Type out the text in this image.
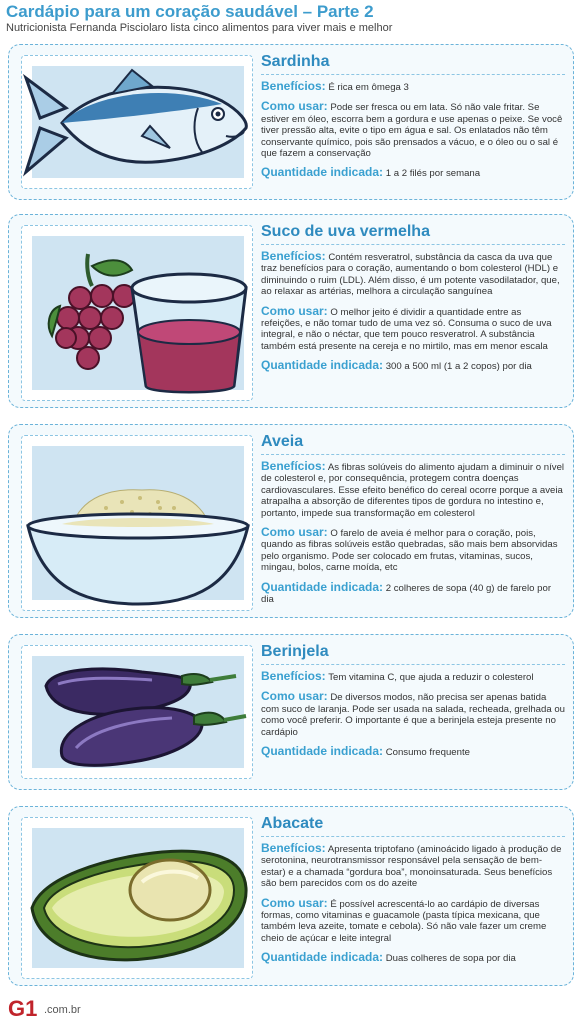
Cardápio para um coração saudável – Parte 2
Nutricionista Fernanda Pisciolaro lista cinco alimentos para viver mais e melhor
Sardinha

Benefícios: É rica em ômega 3

Como usar: Pode ser fresca ou em lata. Só não vale fritar. Se estiver em óleo, escorra bem a gordura e use apenas o peixe. Se você tiver pressão alta, evite o tipo em água e sal. Os enlatados não têm conservante químico, pois são prensados a vácuo, e o óleo ou o sal é que fazem a conservação

Quantidade indicada: 1 a 2 filés por semana

Suco de uva vermelha

Benefícios: Contém resveratrol, substância da casca da uva que traz benefícios para o coração, aumentando o bom colesterol (HDL) e diminuindo o ruim (LDL). Além disso, é um potente vasodilatador, que, ao relaxar as artérias, melhora a circulação sanguínea

Como usar: O melhor jeito é dividir a quantidade entre as refeições, e não tomar tudo de uma vez só. Consuma o suco de uva integral, e não o néctar, que tem pouco resveratrol. A substância também está presente na cereja e no mirtilo, mas em menor escala

Quantidade indicada: 300 a 500 ml (1 a 2 copos) por dia

Aveia

Benefícios: As fibras solúveis do alimento ajudam a diminuir o nível de colesterol e, por consequência, protegem contra doenças cardiovasculares. Esse efeito benéfico do cereal ocorre porque a aveia atrapalha a absorção de diferentes tipos de gordura no intestino e, portanto, impede sua transformação em colesterol

Como usar: O farelo de aveia é melhor para o coração, pois, quando as fibras solúveis estão quebradas, são mais bem absorvidas pelo organismo. Pode ser colocado em frutas, vitaminas, sucos, mingau, bolos, carne moída, etc

Quantidade indicada: 2 colheres de sopa (40 g) de farelo por dia

Berinjela

Benefícios: Tem vitamina C, que ajuda a reduzir o colesterol

Como usar: De diversos modos, não precisa ser apenas batida com suco de laranja. Pode ser usada na salada, recheada, grelhada ou como você preferir. O importante é que a berinjela esteja presente no cardápio

Quantidade indicada: Consumo frequente

Abacate

Benefícios: Apresenta triptofano (aminoácido ligado à produção de serotonina, neurotransmissor responsável pela sensação de bem-estar) e a chamada “gordura boa”, monoinsaturada. Seus benefícios são bem parecidos com os do azeite

Como usar: É possível acrescentá-lo ao cardápio de diversas formas, como vitaminas e guacamole (pasta típica mexicana, que também leva azeite, tomate e cebola). Só não vale fazer um creme cheio de açúcar e leite integral

Quantidade indicada: Duas colheres de sopa por dia

G1 .com.br
